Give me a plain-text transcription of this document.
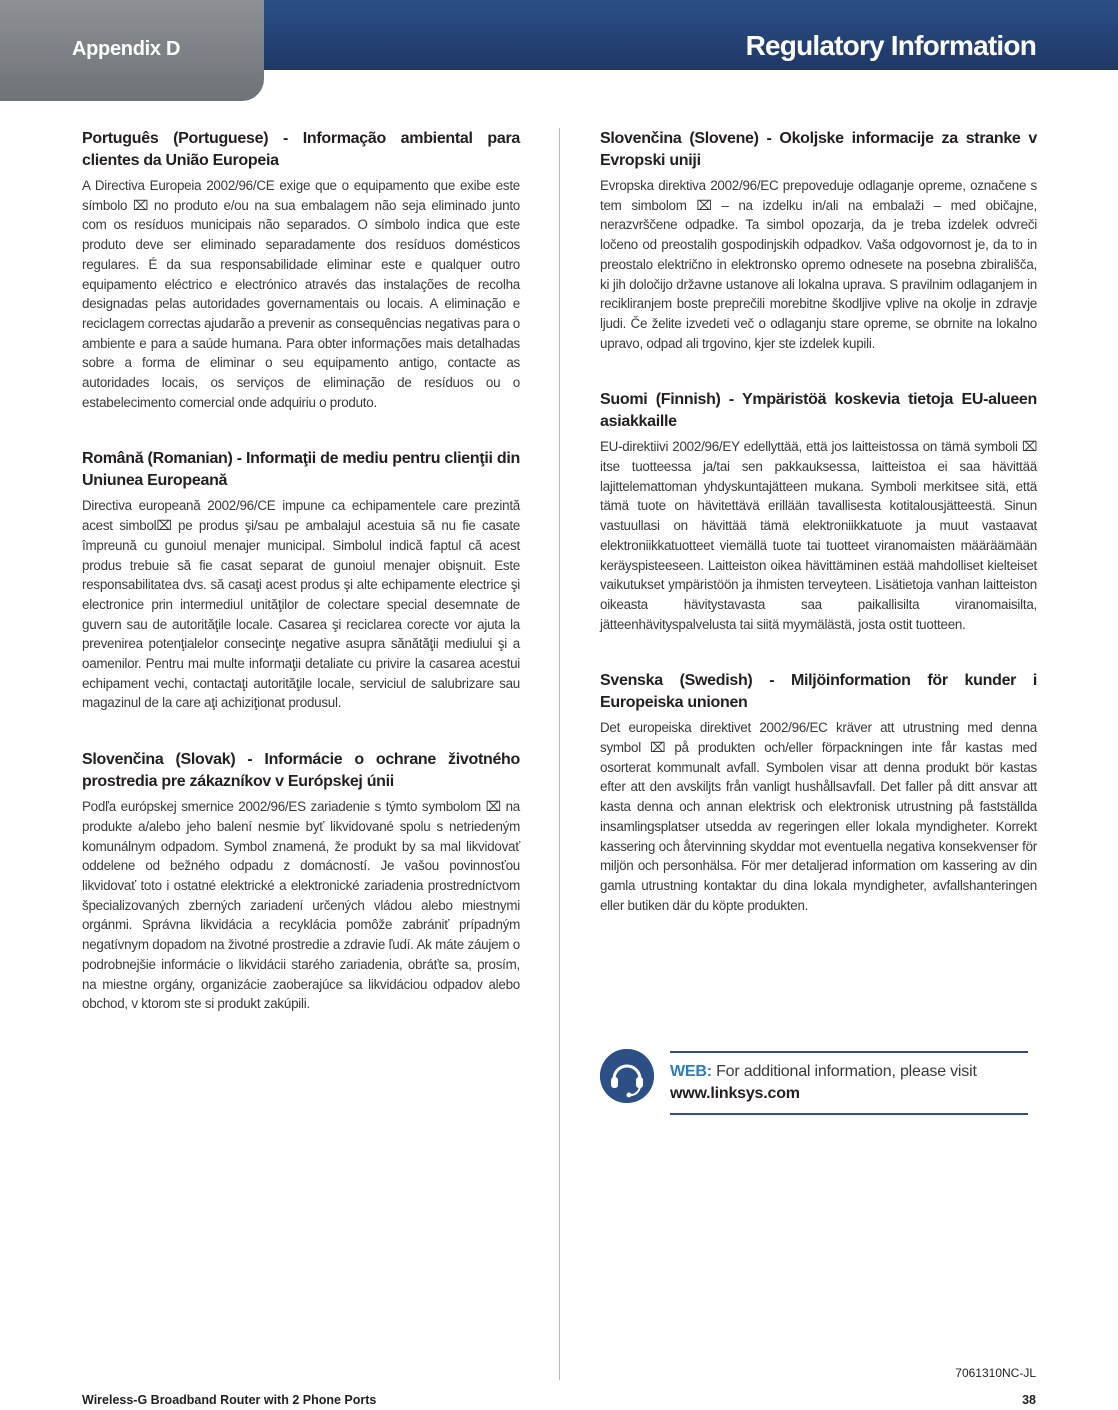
Appendix D	Regulatory Information
Português (Portuguese) - Informação ambiental para clientes da União Europeia

A Directiva Europeia 2002/96/CE exige que o equipamento que exibe este símbolo ⌧ no produto e/ou na sua embalagem não seja eliminado junto com os resíduos municipais não separados. O símbolo indica que este produto deve ser eliminado separadamente dos resíduos domésticos regulares. É da sua responsabilidade eliminar este e qualquer outro equipamento eléctrico e electrónico através das instalações de recolha designadas pelas autoridades governamentais ou locais. A eliminação e reciclagem correctas ajudarão a prevenir as consequências negativas para o ambiente e para a saúde humana. Para obter informações mais detalhadas sobre a forma de eliminar o seu equipamento antigo, contacte as autoridades locais, os serviços de eliminação de resíduos ou o estabelecimento comercial onde adquiriu o produto.

Română (Romanian) - Informaţii de mediu pentru clienţii din Uniunea Europeană

Directiva europeană 2002/96/CE impune ca echipamentele care prezintă acest simbol⌧ pe produs şi/sau pe ambalajul acestuia să nu fie casate împreună cu gunoiul menajer municipal. Simbolul indică faptul că acest produs trebuie să fie casat separat de gunoiul menajer obişnuit. Este responsabilitatea dvs. să casaţi acest produs şi alte echipamente electrice şi electronice prin intermediul unităţilor de colectare special desemnate de guvern sau de autorităţile locale. Casarea şi reciclarea corecte vor ajuta la prevenirea potenţialelor consecinţe negative asupra sănătăţii mediului şi a oamenilor. Pentru mai multe informaţii detaliate cu privire la casarea acestui echipament vechi, contactaţi autorităţile locale, serviciul de salubrizare sau magazinul de la care aţi achiziţionat produsul.

Slovenčina (Slovak) - Informácie o ochrane životného prostredia pre zákazníkov v Európskej únii

Podľa európskej smernice 2002/96/ES zariadenie s týmto symbolom ⌧ na produkte a/alebo jeho balení nesmie byť likvidované spolu s netriedeným komunálnym odpadom. Symbol znamená, že produkt by sa mal likvidovať oddelene od bežného odpadu z domácností. Je vašou povinnosťou likvidovať toto i ostatné elektrické a elektronické zariadenia prostredníctvom špecializovaných zberných zariadení určených vládou alebo miestnymi orgánmi. Správna likvidácia a recyklácia pomôže zabrániť prípadným negatívnym dopadom na životné prostredie a zdravie ľudí. Ak máte záujem o podrobnejšie informácie o likvidácii starého zariadenia, obráťte sa, prosím, na miestne orgány, organizácie zaoberajúce sa likvidáciou odpadov alebo obchod, v ktorom ste si produkt zakúpili.

Slovenčina (Slovene) - Okoljske informacije za stranke v Evropski uniji

Evropska direktiva 2002/96/EC prepoveduje odlaganje opreme, označene s tem simbolom ⌧ – na izdelku in/ali na embalaži – med običajne, nerazvrščene odpadke. Ta simbol opozarja, da je treba izdelek odvreči ločeno od preostalih gospodinjskih odpadkov. Vaša odgovornost je, da to in preostalo električno in elektronsko opremo odnesete na posebna zbirališča, ki jih določijo državne ustanove ali lokalna uprava. S pravilnim odlaganjem in recikliranjem boste preprečili morebitne škodljive vplive na okolje in zdravje ljudi. Če želite izvedeti več o odlaganju stare opreme, se obrnite na lokalno upravo, odpad ali trgovino, kjer ste izdelek kupili.

Suomi (Finnish) - Ympäristöä koskevia tietoja EU-alueen asiakkaille

EU-direktiivi 2002/96/EY edellyttää, että jos laitteistossa on tämä symboli ⌧ itse tuotteessa ja/tai sen pakkauksessa, laitteistoa ei saa hävittää lajittelemattoman yhdyskuntajätteen mukana. Symboli merkitsee sitä, että tämä tuote on hävitettävä erillään tavallisesta kotitalousjätteestä. Sinun vastuullasi on hävittää tämä elektroniikkatuote ja muut vastaavat elektroniikkatuotteet viemällä tuote tai tuotteet viranomaisten määräämään keräyspisteeseen. Laitteiston oikea hävittäminen estää mahdolliset kielteiset vaikutukset ympäristöön ja ihmisten terveyteen. Lisätietoja vanhan laitteiston oikeasta hävitystavasta saa paikallisilta viranomaisilta, jätteenhävityspalvelusta tai siitä myymälästä, josta ostit tuotteen.

Svenska (Swedish) - Miljöinformation för kunder i Europeiska unionen

Det europeiska direktivet 2002/96/EC kräver att utrustning med denna symbol ⌧ på produkten och/eller förpackningen inte får kastas med osorterat kommunalt avfall. Symbolen visar att denna produkt bör kastas efter att den avskiljts från vanligt hushållsavfall. Det faller på ditt ansvar att kasta denna och annan elektrisk och elektronisk utrustning på fastställda insamlingsplatser utsedda av regeringen eller lokala myndigheter. Korrekt kassering och återvinning skyddar mot eventuella negativa konsekvenser för miljön och personhälsa. För mer detaljerad information om kassering av din gamla utrustning kontaktar du dina lokala myndigheter, avfallshanteringen eller butiken där du köpte produkten.

WEB: For additional information, please visit
www.linksys.com
7061310NC-JL
Wireless-G Broadband Router with 2 Phone Ports	38
